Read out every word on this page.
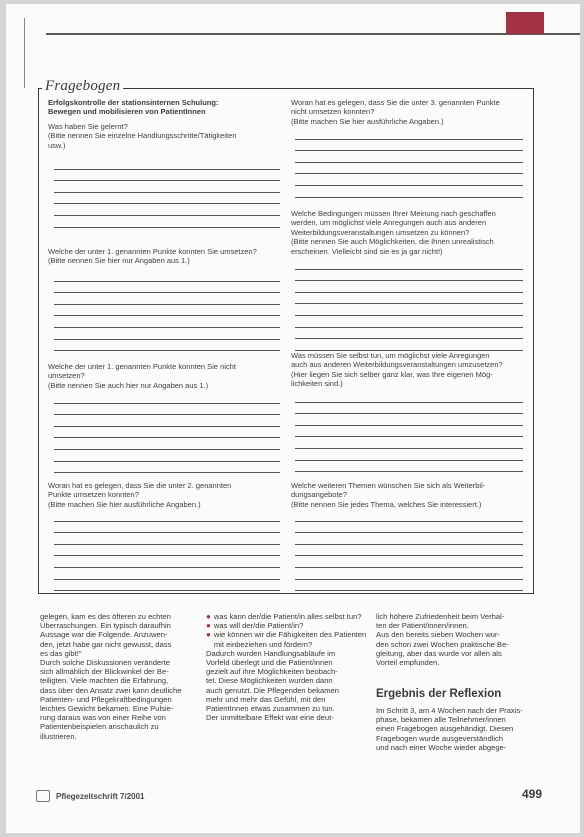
Fragebogen
Erfolgskontrolle der stationsinternen Schulung:
Bewegen und mobilisieren von PatientInnen
Was haben Sie gelernt?
(Bitte nennen Sie einzelne Handlungsschritte/Tätigkeiten
usw.)
Welche der unter 1. genannten Punkte konnten Sie umsetzen?
(Bitte nennen Sie hier nur Angaben aus 1.)
Welche der unter 1. genannten Punkte konnten Sie nicht
umsetzen?
(Bitte nennen Sie auch hier nur Angaben aus 1.)
Woran hat es gelegen, dass Sie die unter 2. genannten
Punkte umsetzen konnten?
(Bitte machen Sie hier ausführliche Angaben.)
Woran hat es gelegen, dass Sie die unter 3. genannten Punkte
nicht umsetzen konnten?
(Bitte machen Sie hier ausführliche Angaben.)
Welche Bedingungen müssen Ihrer Meinung nach geschaffen
werden, um möglichst viele Anregungen auch aus anderen
Weiterbildungsveranstaltungen umsetzen zu können?
(Bitte nennen Sie auch Möglichkeiten, die Ihnen unrealistisch
erscheinen. Vielleicht sind sie es ja gar nicht!)
Was müssen Sie selbst tun, um möglichst viele Anregungen
auch aus anderen Weiterbildungsveranstaltungen umzusetzen?
(Hier liegen Sie sich selber ganz klar, was Ihre eigenen Mög-
lichkeiten sind.)
Welche weiteren Themen wünschen Sie sich als Weiterbil-
dungsangebote?
(Bitte nennen Sie jedes Thema, welches Sie interessiert.)
gelegen, kam es des öfteren zu echten
Überraschungen. Ein typisch daraufhin
Aussage war die Folgende. Anzuwen-
den, jetzt habe gar nicht gewusst, dass
es das gibt!"
Durch solche Diskussionen veränderte
sich allmählich der Blickwinkel der Be-
teiligten. Viele machten die Erfahrung,
dass über den Ansatz zwei kann deutliche
Patienten- und Pflegekraftbedingungen
leichtes Gewicht bekamen. Eine Pulsie-
rung daraus was von einer Reihe von
Patientenbeispielen anschaulich zu
illustrieren.
● was kann der/die Patient/in alles selbst tun?
● was will der/die Patient/in?
● wie können wir die Fähigkeiten des Patienten mit einbeziehen und fördern?
Dadurch wurden Handlungsabläufe im
Vorfeld überlegt und die Patient/innen
gezielt auf ihre Möglichkeiten beobach-
tet. Diese Möglichkeiten wurden dann
auch genutzt. Die Pflegenden bekamen
mehr und mehr das Gefühl, mit den
PatientInnen etwas zusammen zu tun.
Der unmittelbare Effekt war eine deut-
lich höhere Zufriedenheit beim Verhal-
ten der Patient/innen/innen.
Aus den bereits sieben Wochen wur-
den schon zwei Wochen praktische Be-
gleitung, aber das wurde vor allen als
Vorteil empfunden.
Ergebnis der Reflexion
Im Schritt 3, am 4 Wochen nach der Praxis-
phase, bekamen alle Teilnehmer/innen
einen Fragebogen ausgehändigt. Diesen
Fragebogen wurde ausgeverständlich
und nach einer Woche wieder abgege-
Pflegezeitschrift 7/2001	499
